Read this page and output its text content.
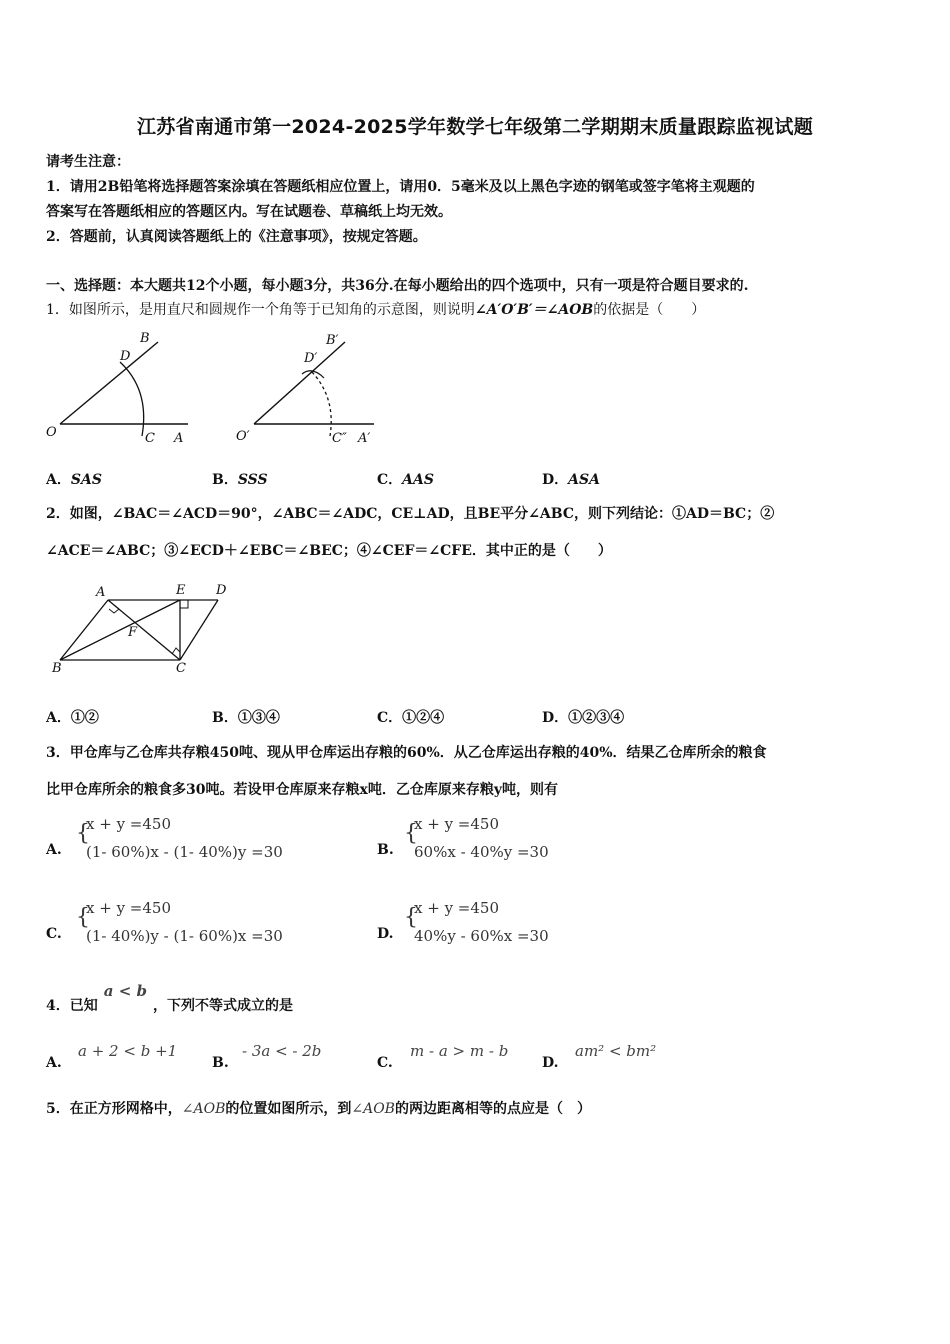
江苏省南通市第一2024-2025学年数学七年级第二学期期末质量跟踪监视试题
请考生注意：
1．请用2B铅笔将选择题答案涂填在答题纸相应位置上，请用0．5毫米及以上黑色字迹的钢笔或签字笔将主观题的
答案写在答题纸相应的答题区内。写在试题卷、草稿纸上均无效。
2．答题前，认真阅读答题纸上的《注意事项》，按规定答题。
一、选择题：本大题共12个小题，每小题3分，共36分.在每小题给出的四个选项中，只有一项是符合题目要求的.
1．如图所示，是用直尺和圆规作一个角等于已知角的示意图，则说明∠A′O′B′＝∠AOB的依据是（　　）
O
D
B
C A	O′
D′
B′
C″ A′
A．SAS	B．SSS	C．AAS	D．ASA
2．如图，∠BAC＝∠ACD＝90°，∠ABC＝∠ADC，CE⊥AD，且BE平分∠ABC，则下列结论：①AD＝BC；②
∠ACE＝∠ABC；③∠ECD＋∠EBC＝∠BEC；④∠CEF＝∠CFE．其中正的是（　　）
A	E D
F
B	C
A．①②	B．①③④	C．①②④	D．①②③④
3．甲仓库与乙仓库共存粮450吨、现从甲仓库运出存粮的60%．从乙仓库运出存粮的40%．结果乙仓库所余的粮食
比甲仓库所余的粮食多30吨。若设甲仓库原来存粮x吨．乙仓库原来存粮y吨，则有
A.
{
x + y =450
(1- 60%)x - (1- 40%)y =30	B.
{
x + y =450
60%x - 40%y =30
C.
{
x + y =450
(1- 40%)y - (1- 60%)x =30	D.
{
x + y =450
40%y - 60%x =30
4．已知a < b，下列不等式成立的是
A.
a + 2 < b +1
B.
- 3a < - 2b
C.
m - a > m - b
D.
am² < bm²
5．在正方形网格中，∠AOB的位置如图所示，到∠AOB的两边距离相等的点应是（　）
